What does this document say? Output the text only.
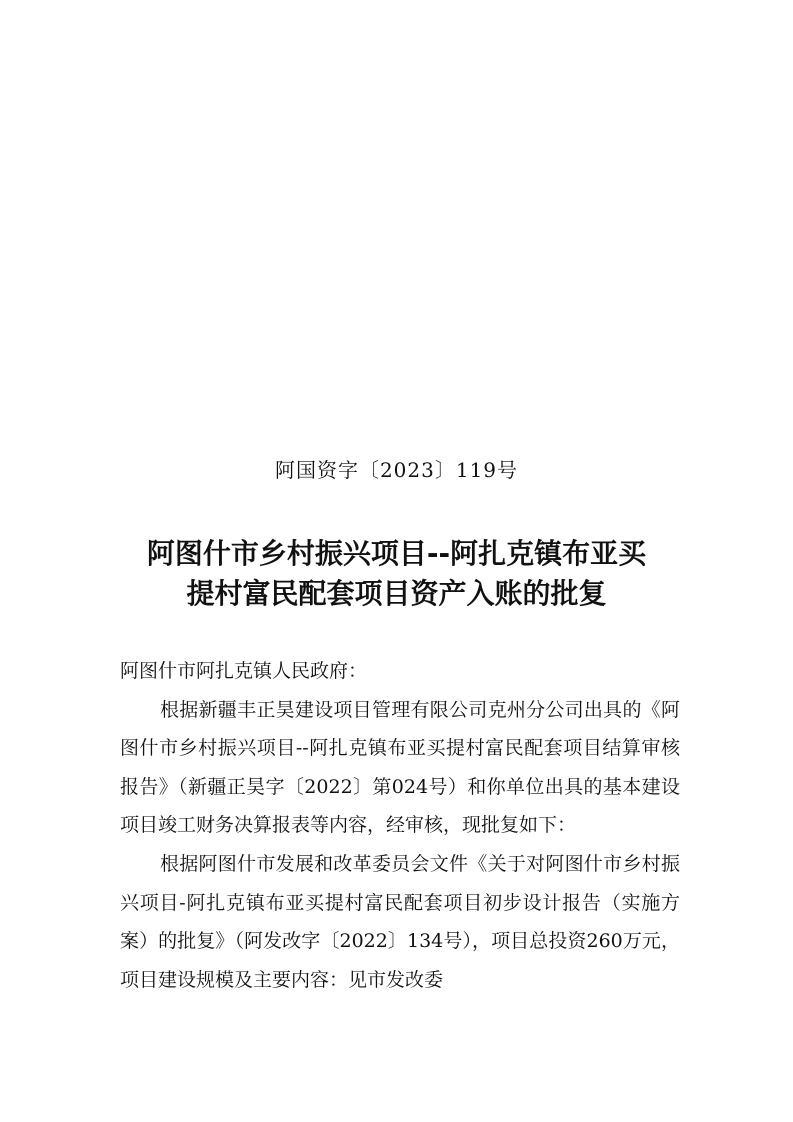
阿国资字〔2023〕119号
阿图什市乡村振兴项目--阿扎克镇布亚买
提村富民配套项目资产入账的批复

阿图什市阿扎克镇人民政府：

根据新疆丰正昊建设项目管理有限公司克州分公司出具的《阿图什市乡村振兴项目--阿扎克镇布亚买提村富民配套项目结算审核报告》（新疆正昊字〔2022〕第024号）和你单位出具的基本建设项目竣工财务决算报表等内容，经审核，现批复如下：

根据阿图什市发展和改革委员会文件《关于对阿图什市乡村振兴项目-阿扎克镇布亚买提村富民配套项目初步设计报告（实施方案）的批复》（阿发改字〔2022〕134号），项目总投资260万元，项目建设规模及主要内容：见市发改委
